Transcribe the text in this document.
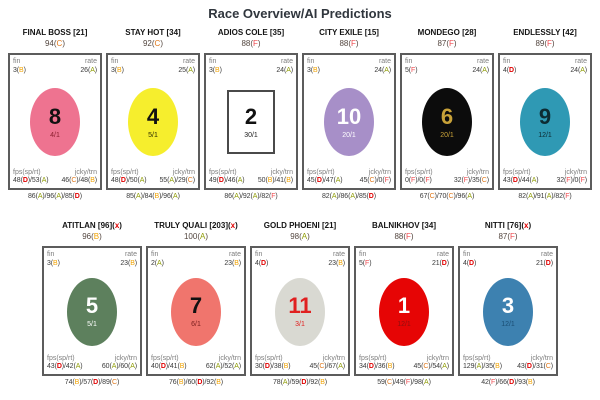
Race Overview/AI Predictions
FINAL BOSS [21]
94(C)
fin	rate
3(B)	26(A)
8
4/1
fps(sp/rt)	jcky/trn
48(D)/53(A) 46(C)/48(B)
86(A)/96(A)/85(D)
STAY HOT [34]
92(C)
fin	rate
3(B)	25(A)
4
5/1
fps(sp/rt)	jcky/trn
48(D)/50(A) 55(A)/29(C)
85(A)/84(B)/96(A)
ADIOS COLE [35]
88(F)
fin	rate
3(B)	24(A)
2
30/1
fps(sp/rt)	jcky/trn
49(D)/46(A) 50(B)/41(B)
86(A)/92(A)/82(F)
CITY EXILE [15]
88(F)
fin	rate
3(B)	24(A)
10
20/1
fps(sp/rt)	jcky/trn
45(D)/47(A) 45(C)/0(F)
82(A)/86(A)/85(D)
MONDEGO [28]
87(F)
fin	rate
5(F)	24(A)
6
20/1
fps(sp/rt)	jcky/trn
0(F)/0(F)	32(F)/35(C)
67(C)/70(C)/96(A)
ENDLESSLY [42]
89(F)
fin	rate
4(D)	24(A)
9
12/1
fps(sp/rt)	jcky/trn
43(D)/44(A)	32(F)/0(F)
82(A)/91(A)/82(F)
ATITLAN [96] (x)
96(B)
fin	rate
3(B)	23(B)
5
5/1
fps(sp/rt)	jcky/trn
43(D)/42(A)	60(A)/60(A)
74(B)/57(D)/89(C)
TRULY QUALI [203] (x)
100(A)
fin	rate
2(A)	23(B)
7
6/1
fps(sp/rt)	jcky/trn
40(D)/41(B)	62(A)/52(A)
76(B)/60(D)/92(B)
GOLD PHOENI [21]
98(A)
fin	rate
4(D)	23(B)
11
3/1
fps(sp/rt)	jcky/trn
30(D)/38(B)	45(C)/67(A)
78(A)/59(D)/92(B)
BALNIKHOV [34]
88(F)
fin	rate
5(F)	21(D)
1
12/1
fps(sp/rt)	jcky/trn
34(D)/36(B)	45(C)/54(A)
59(C)/49(F)/98(A)
NITTI [76] (x)
87(F)
fin	rate
4(D)	21(D)
3
12/1
fps(sp/rt)	jcky/trn
129(A)/35(B) 43(D)/31(C)
42(F)/66(D)/93(B)
